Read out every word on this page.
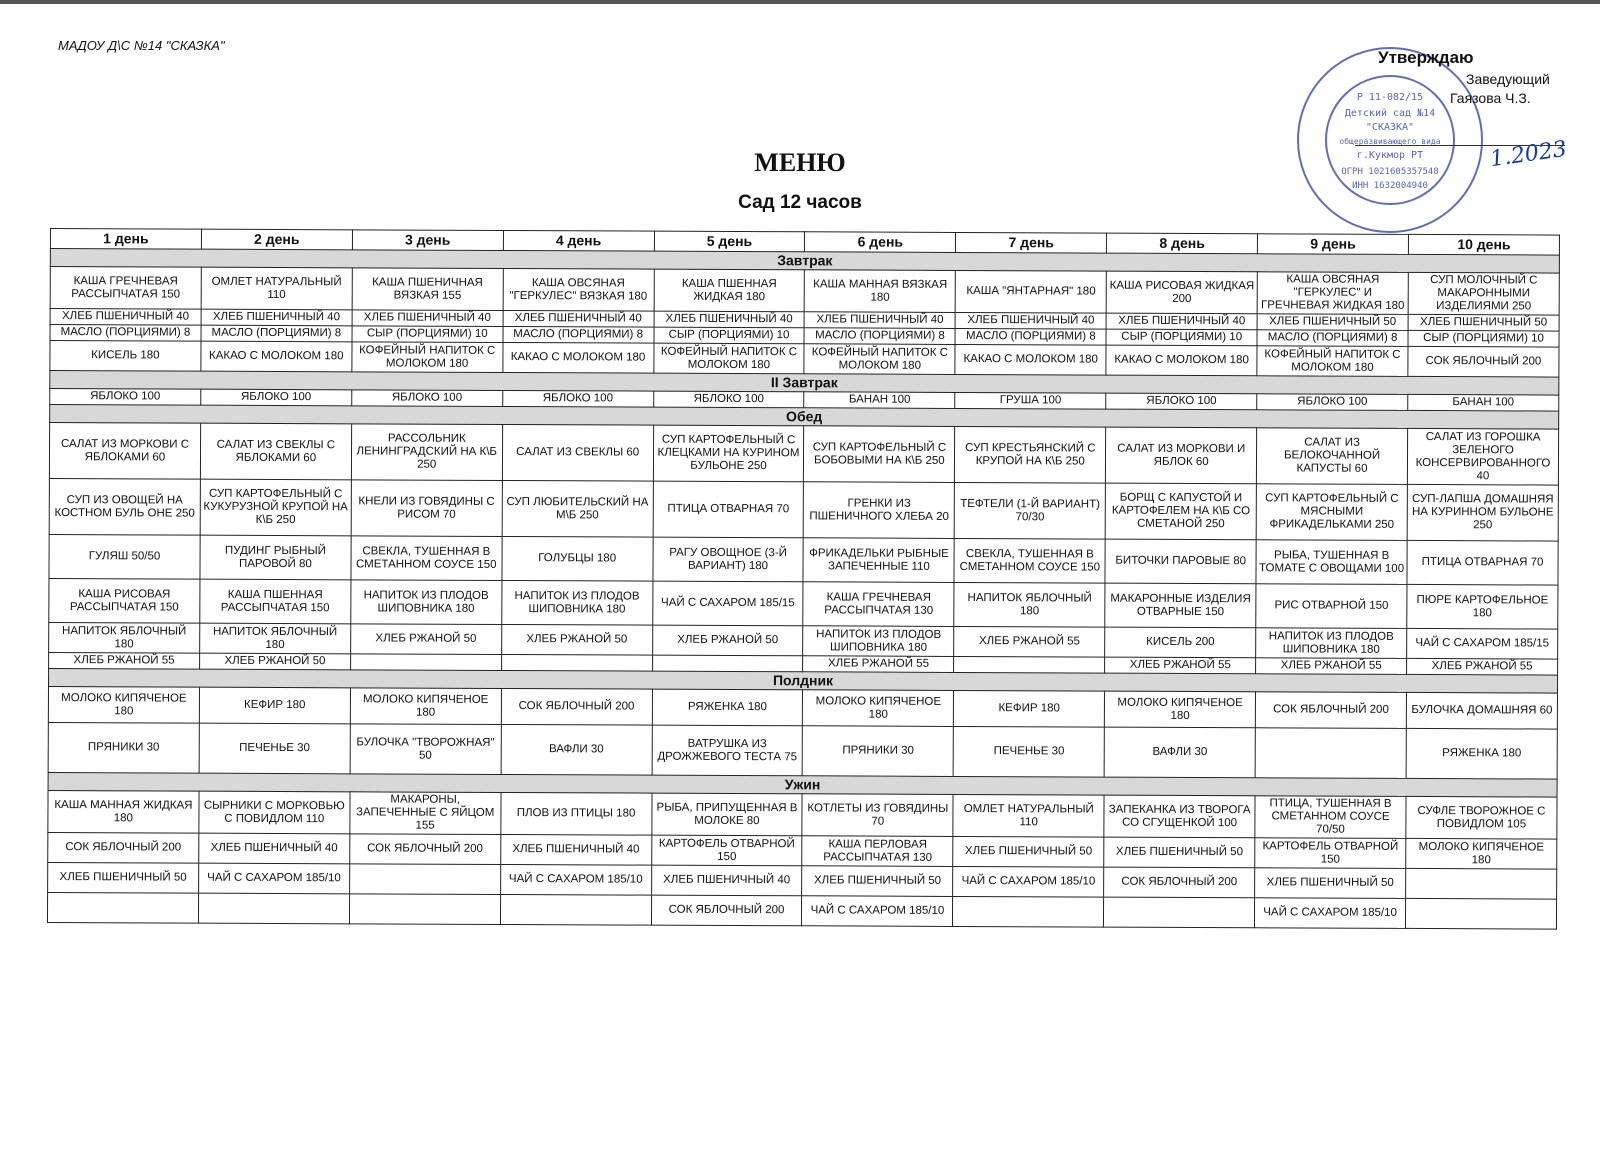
МАДОУ Д\С №14 "СКАЗКА"
Р 11-082/15
Детский сад №14
"СКАЗКА"
общеразвивающего вида
г.Кукмор РТ
ОГРН 1021605357548
ИНН 1632004940
Утверждаю
Заведующий
Гаязова Ч.З.
1.2023
МЕНЮ
Сад 12 часов
1 день	2 день	3 день	4 день	5 день	6 день	7 день	8 день	9 день	10 день
Завтрак									
КАША ГРЕЧНЕВАЯ РАССЫПЧАТАЯ 150	ОМЛЕТ НАТУРАЛЬНЫЙ 110	КАША ПШЕНИЧНАЯ ВЯЗКАЯ 155	КАША ОВСЯНАЯ "ГЕРКУЛЕС" ВЯЗКАЯ 180	КАША ПШЕННАЯ ЖИДКАЯ 180	КАША МАННАЯ ВЯЗКАЯ 180	КАША "ЯНТАРНАЯ" 180	КАША РИСОВАЯ ЖИДКАЯ 200	КАША ОВСЯНАЯ "ГЕРКУЛЕС" И ГРЕЧНЕВАЯ ЖИДКАЯ 180	СУП МОЛОЧНЫЙ С МАКАРОННЫМИ ИЗДЕЛИЯМИ 250
ХЛЕБ ПШЕНИЧНЫЙ 40	ХЛЕБ ПШЕНИЧНЫЙ 40	ХЛЕБ ПШЕНИЧНЫЙ 40	ХЛЕБ ПШЕНИЧНЫЙ 40	ХЛЕБ ПШЕНИЧНЫЙ 40	ХЛЕБ ПШЕНИЧНЫЙ 40	ХЛЕБ ПШЕНИЧНЫЙ 40	ХЛЕБ ПШЕНИЧНЫЙ 40	ХЛЕБ ПШЕНИЧНЫЙ 50	ХЛЕБ ПШЕНИЧНЫЙ 50
МАСЛО (ПОРЦИЯМИ) 8	МАСЛО (ПОРЦИЯМИ) 8	СЫР (ПОРЦИЯМИ) 10	МАСЛО (ПОРЦИЯМИ) 8	СЫР (ПОРЦИЯМИ) 10	МАСЛО (ПОРЦИЯМИ) 8	МАСЛО (ПОРЦИЯМИ) 8	СЫР (ПОРЦИЯМИ) 10	МАСЛО (ПОРЦИЯМИ) 8	СЫР (ПОРЦИЯМИ) 10
КИСЕЛЬ 180	КАКАО С МОЛОКОМ 180	КОФЕЙНЫЙ НАПИТОК С МОЛОКОМ 180	КАКАО С МОЛОКОМ 180	КОФЕЙНЫЙ НАПИТОК С МОЛОКОМ 180	КОФЕЙНЫЙ НАПИТОК С МОЛОКОМ 180	КАКАО С МОЛОКОМ 180	КАКАО С МОЛОКОМ 180	КОФЕЙНЫЙ НАПИТОК С МОЛОКОМ 180	СОК ЯБЛОЧНЫЙ 200
II Завтрак									
ЯБЛОКО 100	ЯБЛОКО 100	ЯБЛОКО 100	ЯБЛОКО 100	ЯБЛОКО 100	БАНАН 100	ГРУША 100	ЯБЛОКО 100	ЯБЛОКО 100	БАНАН 100
Обед									
САЛАТ ИЗ МОРКОВИ С ЯБЛОКАМИ 60	САЛАТ ИЗ СВЕКЛЫ С ЯБЛОКАМИ 60	РАССОЛЬНИК ЛЕНИНГРАДСКИЙ НА К\Б 250	САЛАТ ИЗ СВЕКЛЫ 60	СУП КАРТОФЕЛЬНЫЙ С КЛЕЦКАМИ НА КУРИНОМ БУЛЬОНЕ 250	СУП КАРТОФЕЛЬНЫЙ С БОБОВЫМИ НА К\Б 250	СУП КРЕСТЬЯНСКИЙ С КРУПОЙ НА К\Б 250	САЛАТ ИЗ МОРКОВИ И ЯБЛОК 60	САЛАТ ИЗ БЕЛОКОЧАННОЙ КАПУСТЫ 60	САЛАТ ИЗ ГОРОШКА ЗЕЛЕНОГО КОНСЕРВИРОВАННОГО 40
СУП ИЗ ОВОЩЕЙ НА КОСТНОМ БУЛЬ ОНЕ 250	СУП КАРТОФЕЛЬНЫЙ С КУКУРУЗНОЙ КРУПОЙ НА К\Б 250	КНЕЛИ ИЗ ГОВЯДИНЫ С РИСОМ 70	СУП ЛЮБИТЕЛЬСКИЙ НА М\Б 250	ПТИЦА ОТВАРНАЯ 70	ГРЕНКИ ИЗ ПШЕНИЧНОГО ХЛЕБА 20	ТЕФТЕЛИ (1-Й ВАРИАНТ) 70/30	БОРЩ С КАПУСТОЙ И КАРТОФЕЛЕМ НА К\Б СО СМЕТАНОЙ 250	СУП КАРТОФЕЛЬНЫЙ С МЯСНЫМИ ФРИКАДЕЛЬКАМИ 250	СУП-ЛАПША ДОМАШНЯЯ НА КУРИННОМ БУЛЬОНЕ 250
ГУЛЯШ 50/50	ПУДИНГ РЫБНЫЙ ПАРОВОЙ 80	СВЕКЛА, ТУШЕННАЯ В СМЕТАННОМ СОУСЕ 150	ГОЛУБЦЫ 180	РАГУ ОВОЩНОЕ (3-Й ВАРИАНТ) 180	ФРИКАДЕЛЬКИ РЫБНЫЕ ЗАПЕЧЕННЫЕ 110	СВЕКЛА, ТУШЕННАЯ В СМЕТАННОМ СОУСЕ 150	БИТОЧКИ ПАРОВЫЕ 80	РЫБА, ТУШЕННАЯ В ТОМАТЕ С ОВОЩАМИ 100	ПТИЦА ОТВАРНАЯ 70
КАША РИСОВАЯ РАССЫПЧАТАЯ 150	КАША ПШЕННАЯ РАССЫПЧАТАЯ 150	НАПИТОК ИЗ ПЛОДОВ ШИПОВНИКА 180	НАПИТОК ИЗ ПЛОДОВ ШИПОВНИКА 180	ЧАЙ С САХАРОМ 185/15	КАША ГРЕЧНЕВАЯ РАССЫПЧАТАЯ 130	НАПИТОК ЯБЛОЧНЫЙ 180	МАКАРОННЫЕ ИЗДЕЛИЯ ОТВАРНЫЕ 150	РИС ОТВАРНОЙ 150	ПЮРЕ КАРТОФЕЛЬНОЕ 180
НАПИТОК ЯБЛОЧНЫЙ 180	НАПИТОК ЯБЛОЧНЫЙ 180	ХЛЕБ РЖАНОЙ 50	ХЛЕБ РЖАНОЙ 50	ХЛЕБ РЖАНОЙ 50	НАПИТОК ИЗ ПЛОДОВ ШИПОВНИКА 180	ХЛЕБ РЖАНОЙ 55	КИСЕЛЬ 200	НАПИТОК ИЗ ПЛОДОВ ШИПОВНИКА 180	ЧАЙ С САХАРОМ 185/15
ХЛЕБ РЖАНОЙ 55	ХЛЕБ РЖАНОЙ 50				ХЛЕБ РЖАНОЙ 55		ХЛЕБ РЖАНОЙ 55	ХЛЕБ РЖАНОЙ 55	ХЛЕБ РЖАНОЙ 55
Полдник									
МОЛОКО КИПЯЧЕНОЕ 180	КЕФИР 180	МОЛОКО КИПЯЧЕНОЕ 180	СОК ЯБЛОЧНЫЙ 200	РЯЖЕНКА 180	МОЛОКО КИПЯЧЕНОЕ 180	КЕФИР 180	МОЛОКО КИПЯЧЕНОЕ 180	СОК ЯБЛОЧНЫЙ 200	БУЛОЧКА ДОМАШНЯЯ 60
ПРЯНИКИ 30	ПЕЧЕНЬЕ 30	БУЛОЧКА "ТВОРОЖНАЯ" 50	ВАФЛИ 30	ВАТРУШКА ИЗ ДРОЖЖЕВОГО ТЕСТА 75	ПРЯНИКИ 30	ПЕЧЕНЬЕ 30	ВАФЛИ 30		РЯЖЕНКА 180
Ужин									
КАША МАННАЯ ЖИДКАЯ 180	СЫРНИКИ С МОРКОВЬЮ С ПОВИДЛОМ 110	МАКАРОНЫ, ЗАПЕЧЕННЫЕ С ЯЙЦОМ 155	ПЛОВ ИЗ ПТИЦЫ 180	РЫБА, ПРИПУЩЕННАЯ В МОЛОКЕ 80	КОТЛЕТЫ ИЗ ГОВЯДИНЫ 70	ОМЛЕТ НАТУРАЛЬНЫЙ 110	ЗАПЕКАНКА ИЗ ТВОРОГА СО СГУЩЕНКОЙ 100	ПТИЦА, ТУШЕННАЯ В СМЕТАННОМ СОУСЕ 70/50	СУФЛЕ ТВОРОЖНОЕ С ПОВИДЛОМ 105
СОК ЯБЛОЧНЫЙ 200	ХЛЕБ ПШЕНИЧНЫЙ 40	СОК ЯБЛОЧНЫЙ 200	ХЛЕБ ПШЕНИЧНЫЙ 40	КАРТОФЕЛЬ ОТВАРНОЙ 150	КАША ПЕРЛОВАЯ РАССЫПЧАТАЯ 130	ХЛЕБ ПШЕНИЧНЫЙ 50	ХЛЕБ ПШЕНИЧНЫЙ 50	КАРТОФЕЛЬ ОТВАРНОЙ 150	МОЛОКО КИПЯЧЕНОЕ 180
ХЛЕБ ПШЕНИЧНЫЙ 50	ЧАЙ С САХАРОМ 185/10		ЧАЙ С САХАРОМ 185/10	ХЛЕБ ПШЕНИЧНЫЙ 40	ХЛЕБ ПШЕНИЧНЫЙ 50	ЧАЙ С САХАРОМ 185/10	СОК ЯБЛОЧНЫЙ 200	ХЛЕБ ПШЕНИЧНЫЙ 50	
				СОК ЯБЛОЧНЫЙ 200	ЧАЙ С САХАРОМ 185/10			ЧАЙ С САХАРОМ 185/10	
